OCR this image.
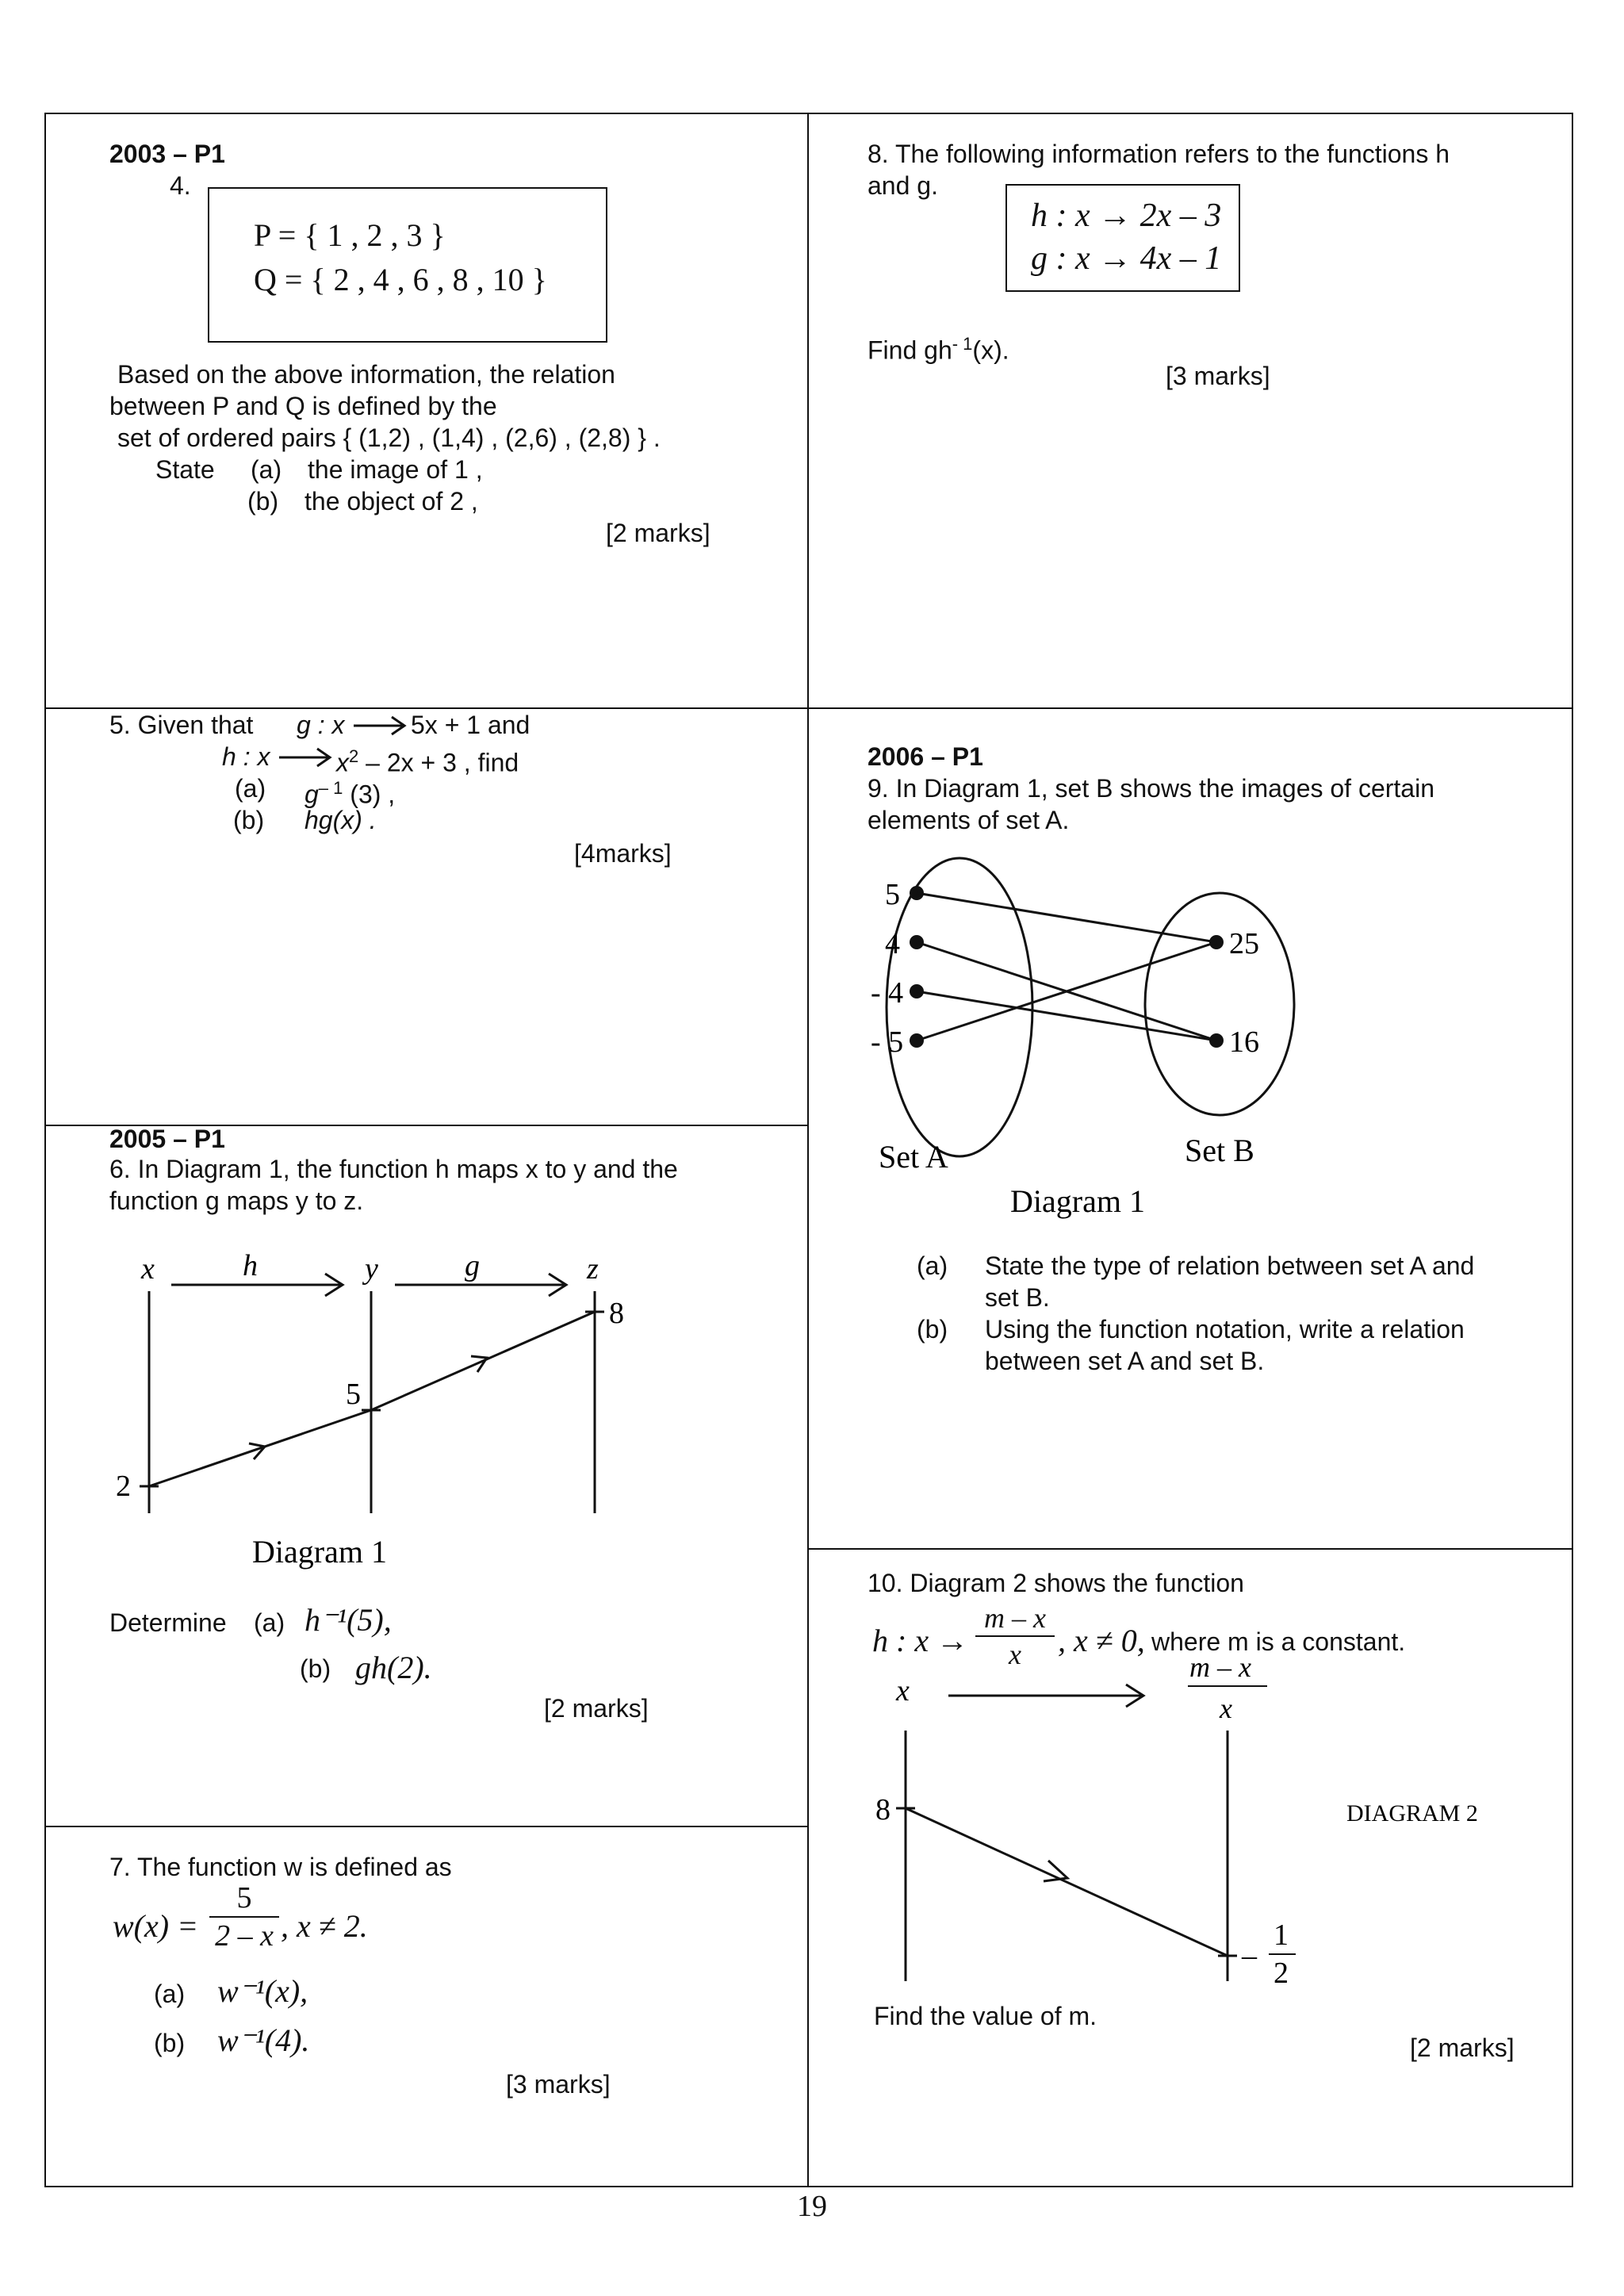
2003 – P1
4.
P = { 1 , 2 , 3 }
Q = { 2 , 4 , 6 , 8 , 10 }
Based on the above information, the relation
between P and Q is defined by the
set of ordered pairs { (1,2) , (1,4) , (2,6) , (2,8) } .
State (a) the image of 1 ,
(b) the object of 2 ,
[2 marks]
5. Given that g : x	5x + 1 and
h : x	$x^2 - 2x + 3$ , find
(a) $g^{- 1}$ (3) ,
(b) hg(x) .
[4marks]
2005 – P1
6. In Diagram 1, the function h maps x to y and the
function g maps y to z.
x	h	y	g	z
2
5
8
Diagram 1
Determine (a) h⁻¹(5),
(b) gh(2).
[2 marks]
7. The function w is defined as
$w(x) = \frac{5}{2 - x}$ , x ≠ 2.
(a) w⁻¹(x),
(b) w⁻¹(4).
[3 marks]
8. The following information refers to the functions h
and g.
h : x → 2x – 3
g : x → 4x – 1
Find $gh^{- 1}(x)$.
[3 marks]
2006 – P1
9. In Diagram 1, set B shows the images of certain
elements of set A.
5
4
- 4
- 5
25
16
Set A	Set B
Diagram 1
(a) State the type of relation between set A and
set B.
(b) Using the function notation, write a relation
between set A and set B.
10. Diagram 2 shows the function
h : $x \to \frac{m - x}{x}$ , x ≠ 0, where m is a constant.
x
m – x
x
8
–
1
2
DIAGRAM 2
Find the value of m.
[2 marks]
19
